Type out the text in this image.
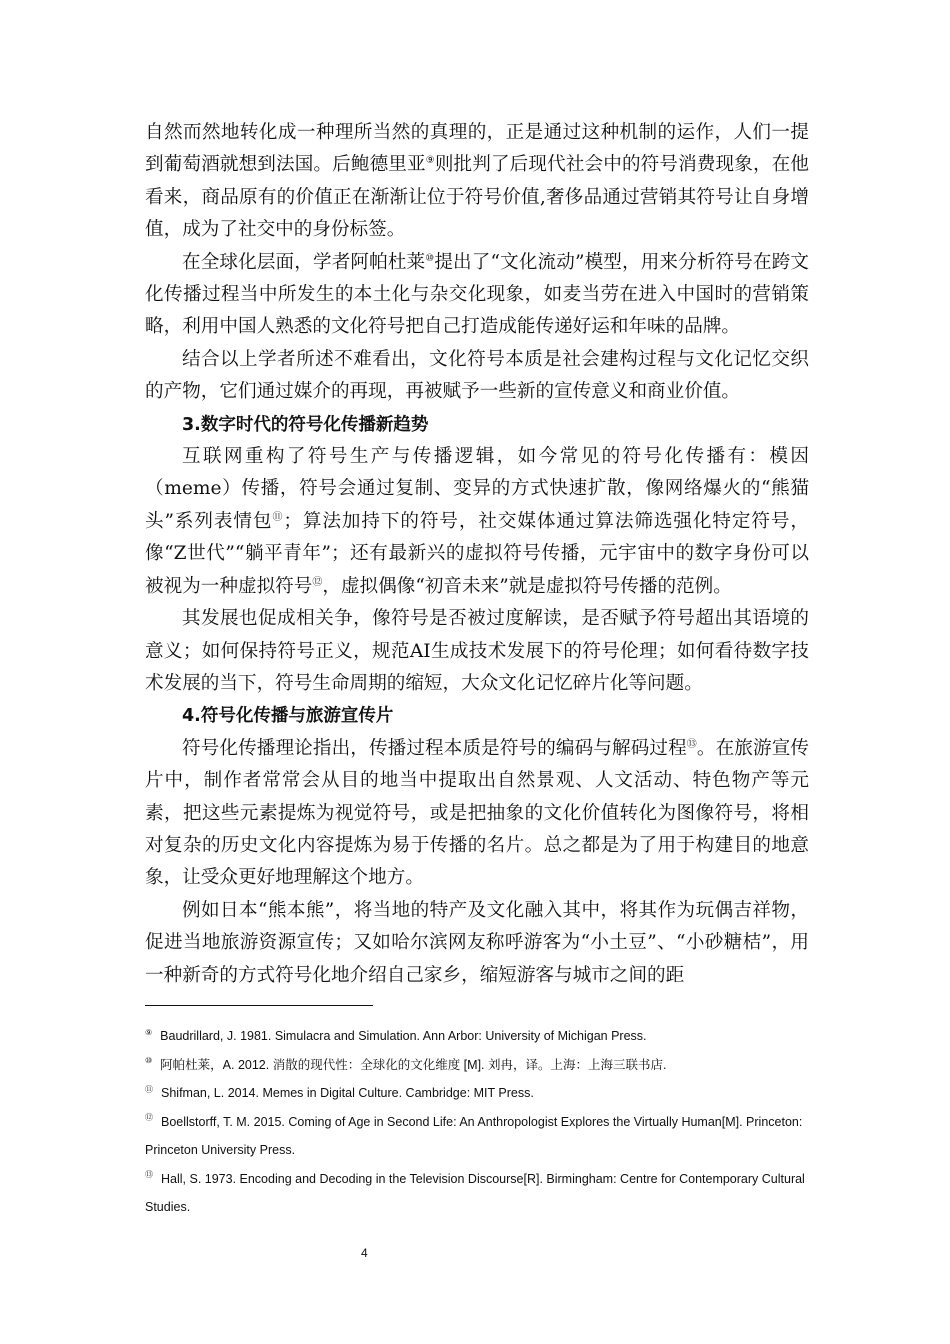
自然而然地转化成一种理所当然的真理的，正是通过这种机制的运作，人们一提到葡萄酒就想到法国。后鲍德里亚⑨则批判了后现代社会中的符号消费现象，在他看来，商品原有的价值正在渐渐让位于符号价值,奢侈品通过营销其符号让自身增值，成为了社交中的身份标签。

在全球化层面，学者阿帕杜莱⑩提出了“文化流动”模型，用来分析符号在跨文化传播过程当中所发生的本土化与杂交化现象，如麦当劳在进入中国时的营销策略，利用中国人熟悉的文化符号把自己打造成能传递好运和年味的品牌。

结合以上学者所述不难看出，文化符号本质是社会建构过程与文化记忆交织的产物，它们通过媒介的再现，再被赋予一些新的宣传意义和商业价值。

3.数字时代的符号化传播新趋势

互联网重构了符号生产与传播逻辑，如今常见的符号化传播有：模因（meme）传播，符号会通过复制、变异的方式快速扩散，像网络爆火的“熊猫头”系列表情包⑪；算法加持下的符号，社交媒体通过算法筛选强化特定符号，像“Z世代”“躺平青年”；还有最新兴的虚拟符号传播，元宇宙中的数字身份可以被视为一种虚拟符号⑫，虚拟偶像“初音未来”就是虚拟符号传播的范例。

其发展也促成相关争，像符号是否被过度解读，是否赋予符号超出其语境的意义；如何保持符号正义，规范AI生成技术发展下的符号伦理；如何看待数字技术发展的当下，符号生命周期的缩短，大众文化记忆碎片化等问题。

4.符号化传播与旅游宣传片

符号化传播理论指出，传播过程本质是符号的编码与解码过程⑬。在旅游宣传片中，制作者常常会从目的地当中提取出自然景观、人文活动、特色物产等元素，把这些元素提炼为视觉符号，或是把抽象的文化价值转化为图像符号，将相对复杂的历史文化内容提炼为易于传播的名片。总之都是为了用于构建目的地意象，让受众更好地理解这个地方。

例如日本“熊本熊”，将当地的特产及文化融入其中，将其作为玩偶吉祥物，促进当地旅游资源宣传；又如哈尔滨网友称呼游客为“小土豆”、“小砂糖桔”，用一种新奇的方式符号化地介绍自己家乡，缩短游客与城市之间的距

⑨ Baudrillard, J. 1981. Simulacra and Simulation. Ann Arbor: University of Michigan Press.

⑩ 阿帕杜莱，A. 2012. 消散的现代性：全球化的文化维度 [M]. 刘冉，译。上海：上海三联书店.

⑪ Shifman, L. 2014. Memes in Digital Culture. Cambridge: MIT Press.

⑫ Boellstorff, T. M. 2015. Coming of Age in Second Life: An Anthropologist Explores the Virtually Human[M]. Princeton: Princeton University Press.

⑬ Hall, S. 1973. Encoding and Decoding in the Television Discourse[R]. Birmingham: Centre for Contemporary Cultural Studies.

4
